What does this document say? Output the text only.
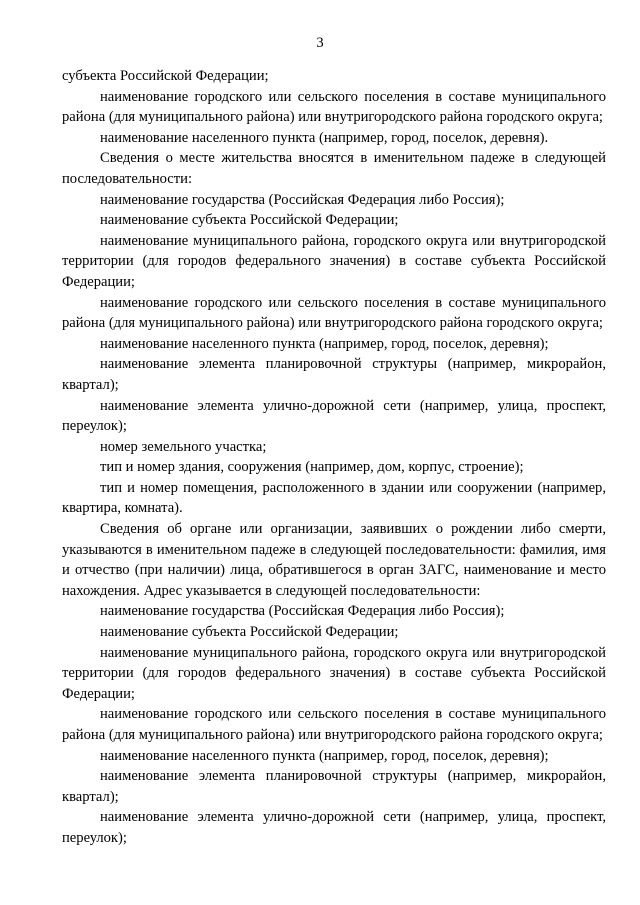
3

субъекта Российской Федерации;

наименование городского или сельского поселения в составе муниципального района (для муниципального района) или внутригородского района городского округа;

наименование населенного пункта (например, город, поселок, деревня).

Сведения о месте жительства вносятся в именительном падеже в следующей последовательности:

наименование государства (Российская Федерация либо Россия);

наименование субъекта Российской Федерации;

наименование муниципального района, городского округа или внутригородской территории (для городов федерального значения) в составе субъекта Российской Федерации;

наименование городского или сельского поселения в составе муниципального района (для муниципального района) или внутригородского района городского округа;

наименование населенного пункта (например, город, поселок, деревня);

наименование элемента планировочной структуры (например, микрорайон, квартал);

наименование элемента улично-дорожной сети (например, улица, проспект, переулок);

номер земельного участка;

тип и номер здания, сооружения (например, дом, корпус, строение);

тип и номер помещения, расположенного в здании или сооружении (например, квартира, комната).

Сведения об органе или организации, заявивших о рождении либо смерти, указываются в именительном падеже в следующей последовательности: фамилия, имя и отчество (при наличии) лица, обратившегося в орган ЗАГС, наименование и место нахождения. Адрес указывается в следующей последовательности:

наименование государства (Российская Федерация либо Россия);

наименование субъекта Российской Федерации;

наименование муниципального района, городского округа или внутригородской территории (для городов федерального значения) в составе субъекта Российской Федерации;

наименование городского или сельского поселения в составе муниципального района (для муниципального района) или внутригородского района городского округа;

наименование населенного пункта (например, город, поселок, деревня);

наименование элемента планировочной структуры (например, микрорайон, квартал);

наименование элемента улично-дорожной сети (например, улица, проспект, переулок);
